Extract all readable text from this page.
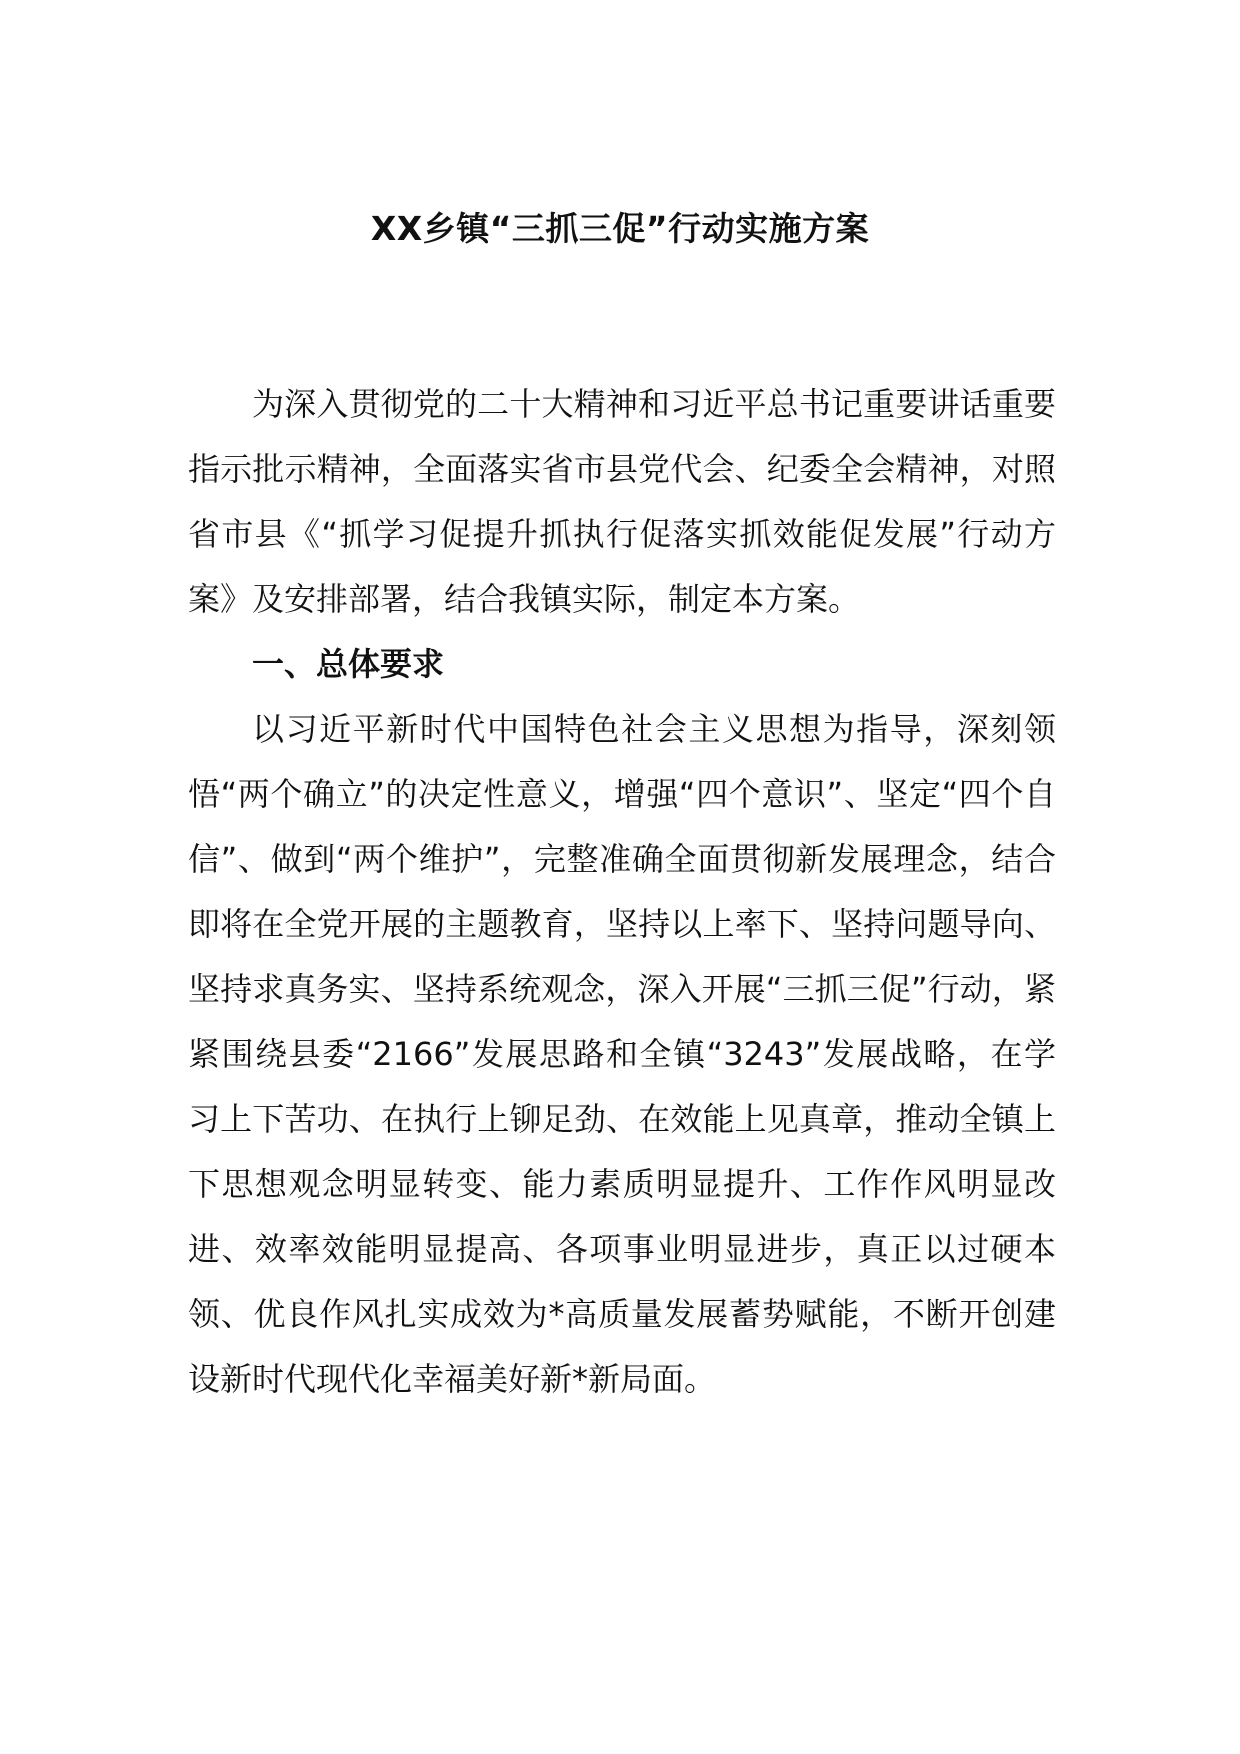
XX乡镇“三抓三促”行动实施方案

为深入贯彻党的二十大精神和习近平总书记重要讲话重要指示批示精神，全面落实省市县党代会、纪委全会精神，对照省市县《“抓学习促提升抓执行促落实抓效能促发展”行动方案》及安排部署，结合我镇实际，制定本方案。

一、总体要求

以习近平新时代中国特色社会主义思想为指导，深刻领悟“两个确立”的决定性意义，增强“四个意识”、坚定“四个自信”、做到“两个维护”，完整准确全面贯彻新发展理念，结合即将在全党开展的主题教育，坚持以上率下、坚持问题导向、坚持求真务实、坚持系统观念，深入开展“三抓三促”行动，紧紧围绕县委“2166”发展思路和全镇“3243”发展战略，在学习上下苦功、在执行上铆足劲、在效能上见真章，推动全镇上下思想观念明显转变、能力素质明显提升、工作作风明显改进、效率效能明显提高、各项事业明显进步，真正以过硬本领、优良作风扎实成效为*高质量发展蓄势赋能，不断开创建设新时代现代化幸福美好新*新局面。
